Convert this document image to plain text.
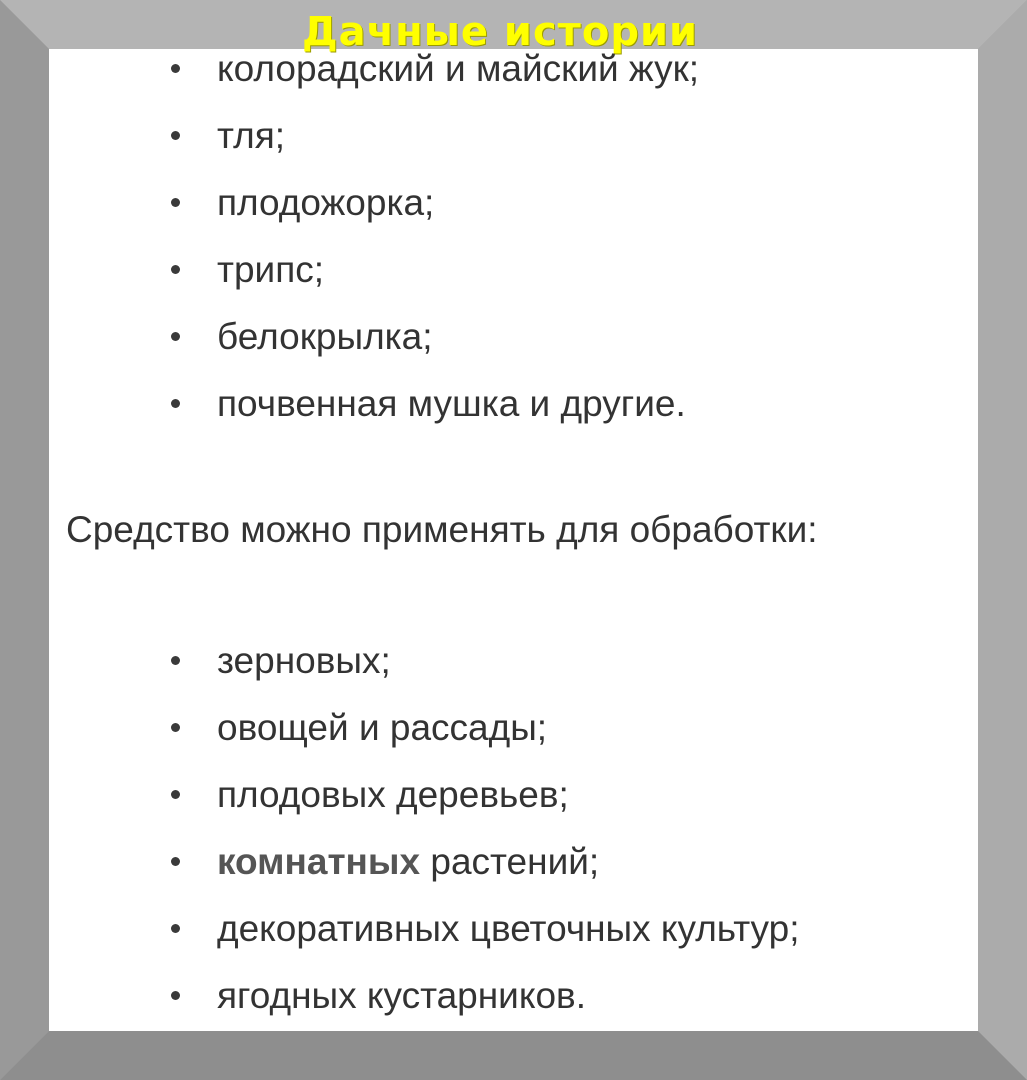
колорадский и майский жук;
тля;
плодожорка;
трипс;
белокрылка;
почвенная мушка и другие.
Средство можно применять для обработки:
зерновых;
овощей и рассады;
плодовых деревьев;
комнатных растений;
декоративных цветочных культур;
ягодных кустарников.
Дачные истории
